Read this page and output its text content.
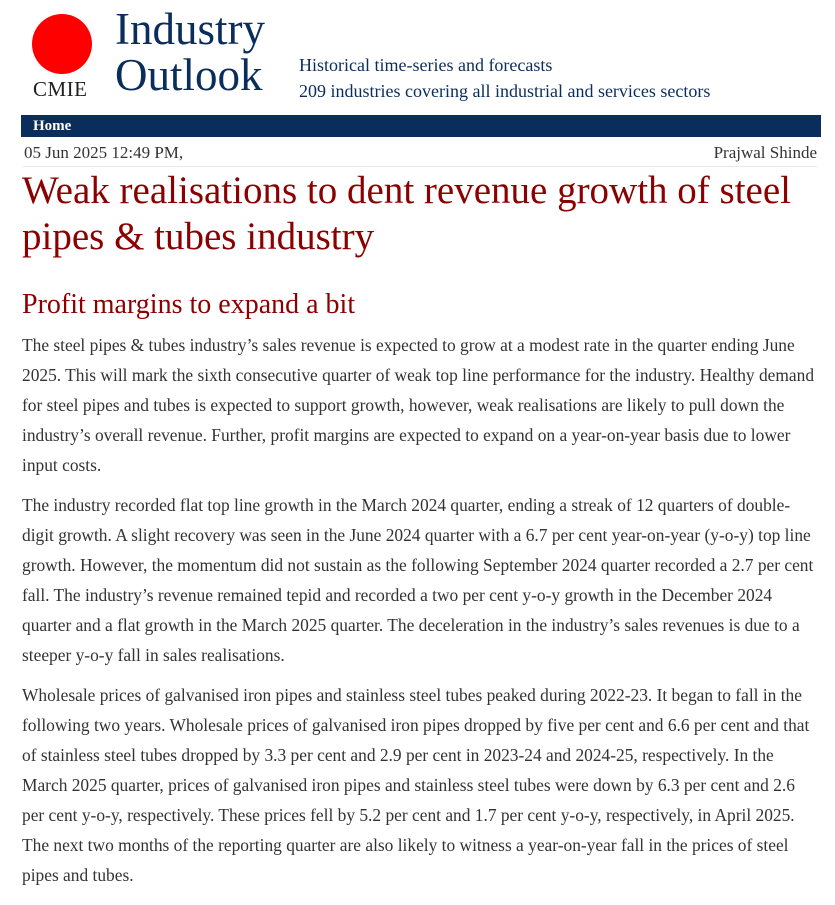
CMIE
Industry
Outlook Historical time-series and forecasts
209 industries covering all industrial and services sectors
Home
05 Jun 2025 12:49 PM,	Prajwal Shinde
Weak realisations to dent revenue growth of steel pipes & tubes industry
Profit margins to expand a bit

The steel pipes & tubes industry’s sales revenue is expected to grow at a modest rate in the quarter ending June 2025. This will mark the sixth consecutive quarter of weak top line performance for the industry. Healthy demand for steel pipes and tubes is expected to support growth, however, weak realisations are likely to pull down the industry’s overall revenue. Further, profit margins are expected to expand on a year-on-year basis due to lower input costs.

The industry recorded flat top line growth in the March 2024 quarter, ending a streak of 12 quarters of double-digit growth. A slight recovery was seen in the June 2024 quarter with a 6.7 per cent year-on-year (y-o-y) top line growth. However, the momentum did not sustain as the following September 2024 quarter recorded a 2.7 per cent fall. The industry’s revenue remained tepid and recorded a two per cent y-o-y growth in the December 2024 quarter and a flat growth in the March 2025 quarter. The deceleration in the industry’s sales revenues is due to a steeper y-o-y fall in sales realisations.

Wholesale prices of galvanised iron pipes and stainless steel tubes peaked during 2022-23. It began to fall in the following two years. Wholesale prices of galvanised iron pipes dropped by five per cent and 6.6 per cent and that of stainless steel tubes dropped by 3.3 per cent and 2.9 per cent in 2023-24 and 2024-25, respectively. In the March 2025 quarter, prices of galvanised iron pipes and stainless steel tubes were down by 6.3 per cent and 2.6 per cent y-o-y, respectively. These prices fell by 5.2 per cent and 1.7 per cent y-o-y, respectively, in April 2025. The next two months of the reporting quarter are also likely to witness a year-on-year fall in the prices of steel pipes and tubes.
